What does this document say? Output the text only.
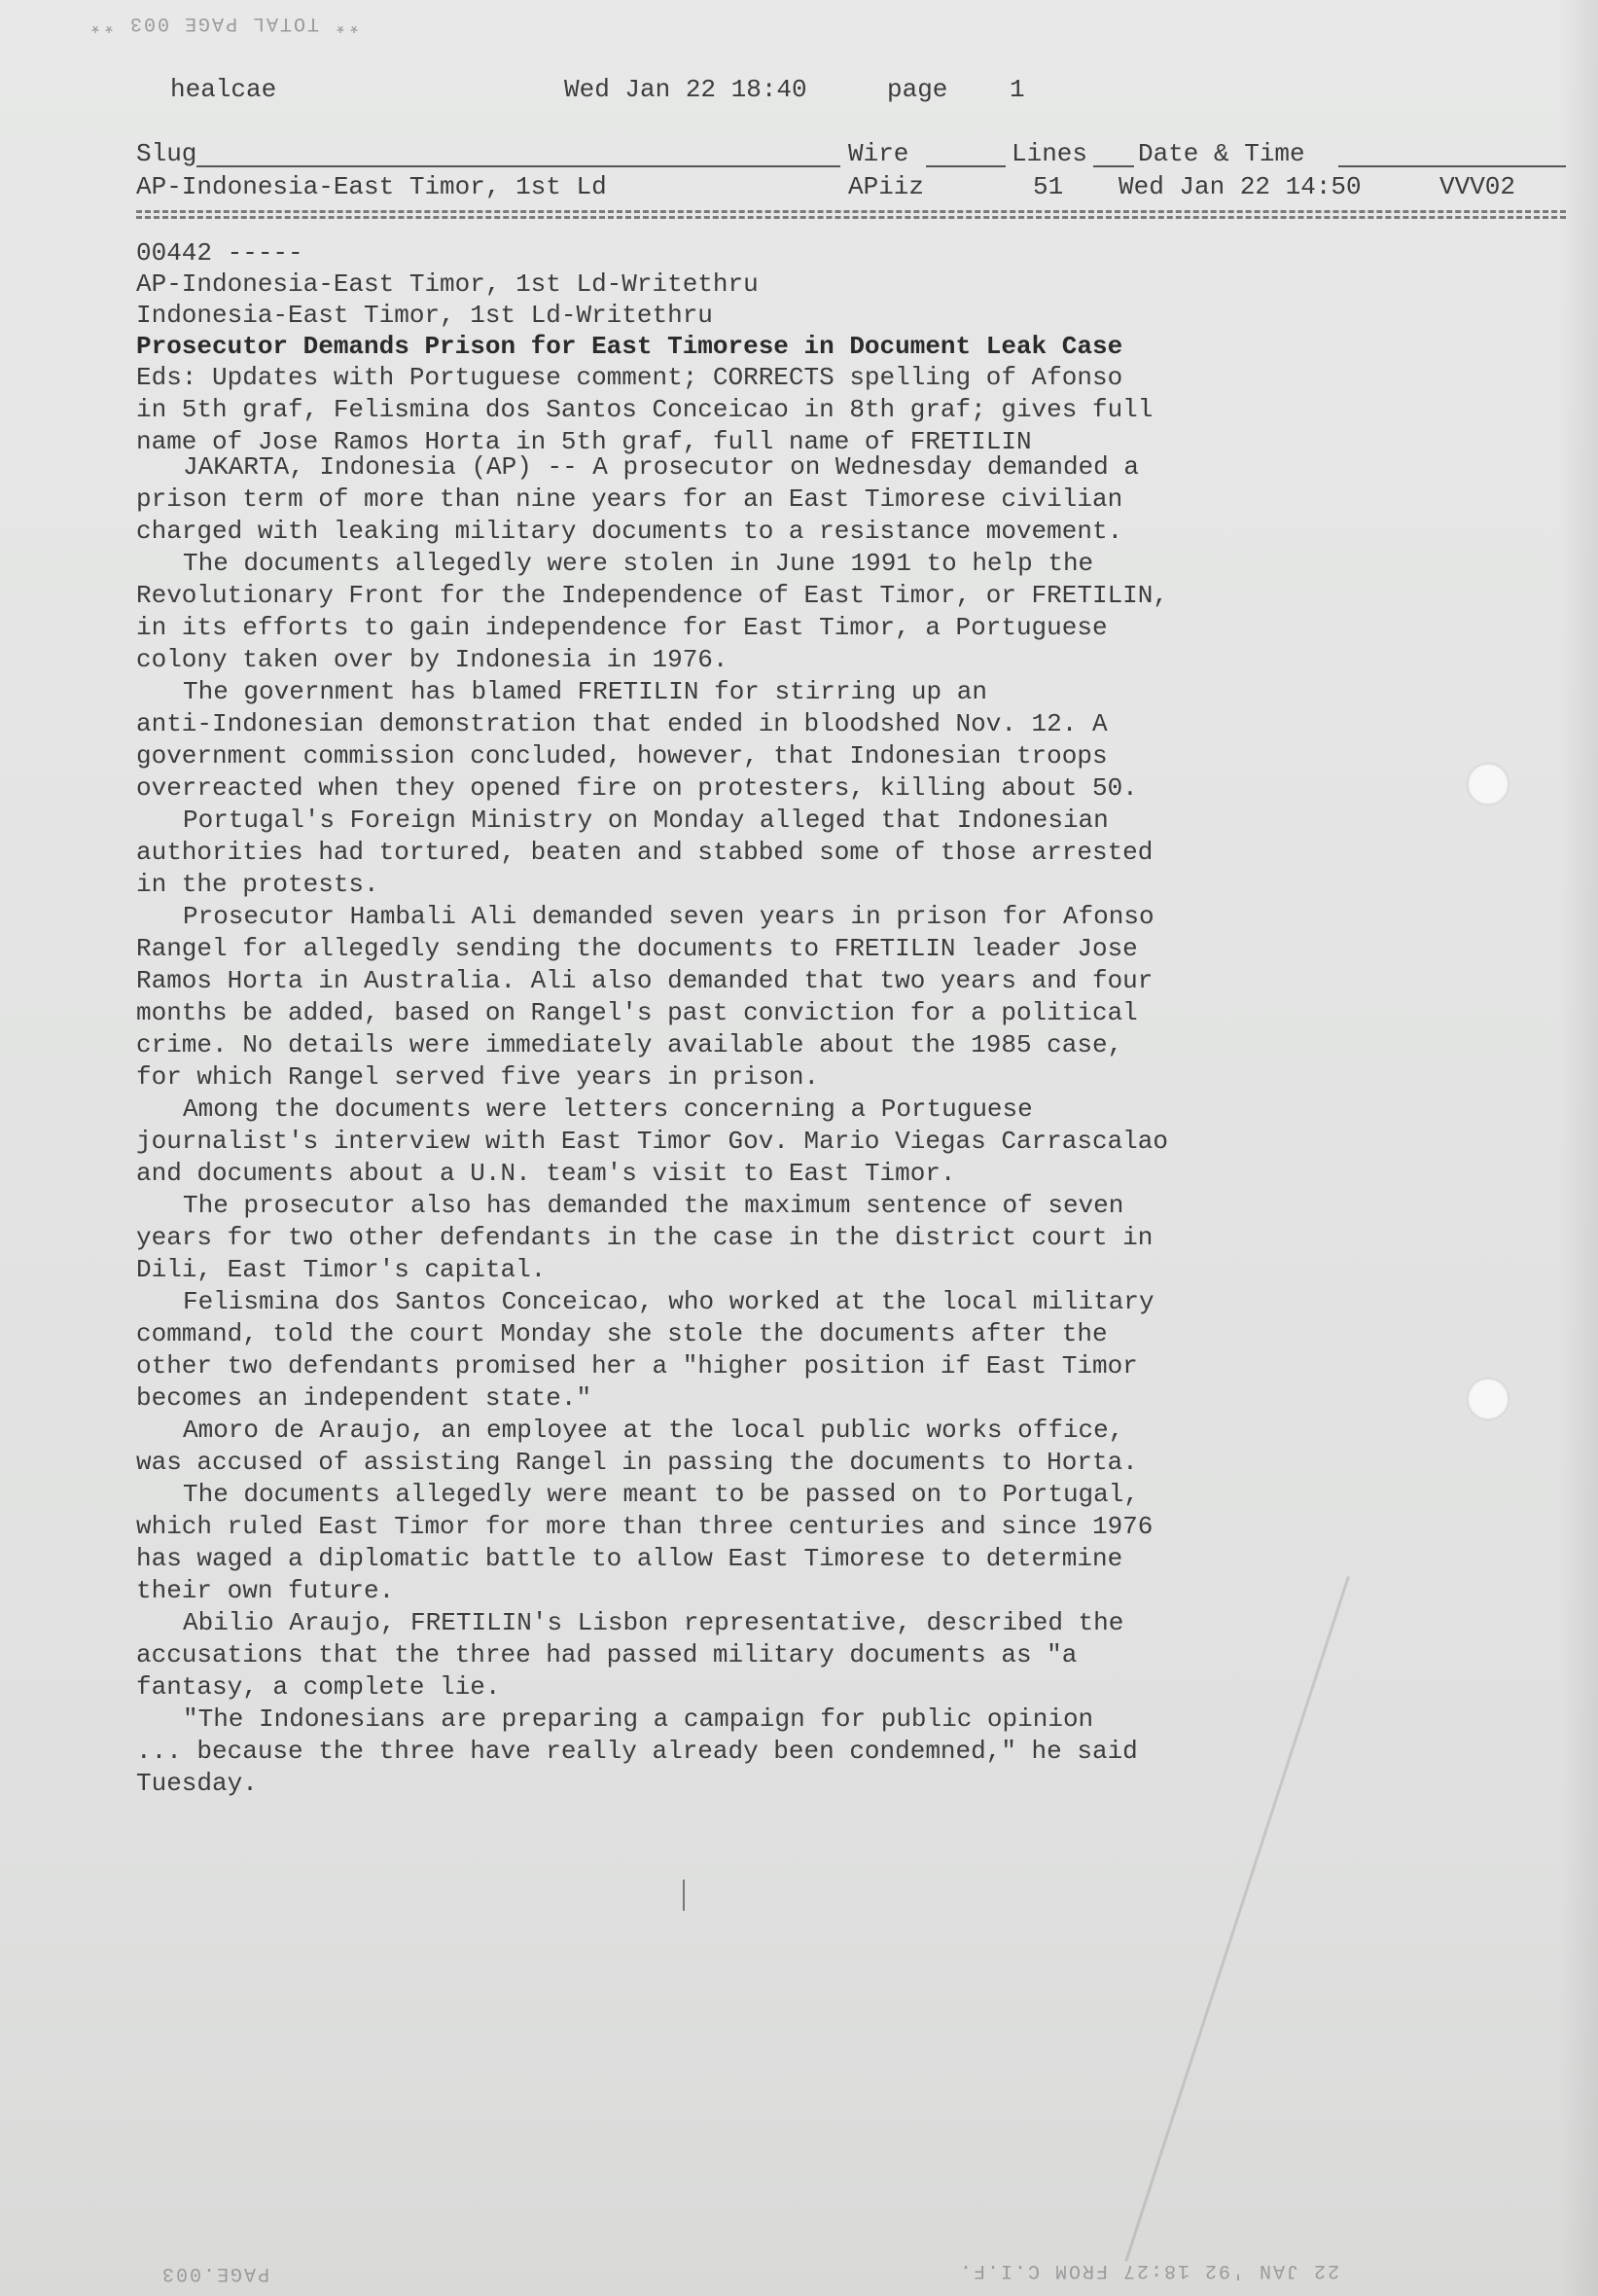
** TOTAL PAGE 003 **
healcae	Wed Jan 22 18:40	page 1
Slug	Wire	Lines Date & Time
AP-Indonesia-East Timor, 1st Ld	APiiz	51 Wed Jan 22 14:50	VVV02
00442 -----
AP-Indonesia-East Timor, 1st Ld-Writethru
Indonesia-East Timor, 1st Ld-Writethru
Prosecutor Demands Prison for East Timorese in Document Leak Case
Eds: Updates with Portuguese comment; CORRECTS spelling of Afonso
in 5th graf, Felismina dos Santos Conceicao in 8th graf; gives full
name of Jose Ramos Horta in 5th graf, full name of FRETILIN

JAKARTA, Indonesia (AP) -- A prosecutor on Wednesday demanded a
prison term of more than nine years for an East Timorese civilian
charged with leaking military documents to a resistance movement.

The documents allegedly were stolen in June 1991 to help the
Revolutionary Front for the Independence of East Timor, or FRETILIN,
in its efforts to gain independence for East Timor, a Portuguese
colony taken over by Indonesia in 1976.

The government has blamed FRETILIN for stirring up an
anti-Indonesian demonstration that ended in bloodshed Nov. 12. A
government commission concluded, however, that Indonesian troops
overreacted when they opened fire on protesters, killing about 50.

Portugal's Foreign Ministry on Monday alleged that Indonesian
authorities had tortured, beaten and stabbed some of those arrested
in the protests.

Prosecutor Hambali Ali demanded seven years in prison for Afonso
Rangel for allegedly sending the documents to FRETILIN leader Jose
Ramos Horta in Australia. Ali also demanded that two years and four
months be added, based on Rangel's past conviction for a political
crime. No details were immediately available about the 1985 case,
for which Rangel served five years in prison.

Among the documents were letters concerning a Portuguese
journalist's interview with East Timor Gov. Mario Viegas Carrascalao
and documents about a U.N. team's visit to East Timor.

The prosecutor also has demanded the maximum sentence of seven
years for two other defendants in the case in the district court in
Dili, East Timor's capital.

Felismina dos Santos Conceicao, who worked at the local military
command, told the court Monday she stole the documents after the
other two defendants promised her a "higher position if East Timor
becomes an independent state."

Amoro de Araujo, an employee at the local public works office,
was accused of assisting Rangel in passing the documents to Horta.

The documents allegedly were meant to be passed on to Portugal,
which ruled East Timor for more than three centuries and since 1976
has waged a diplomatic battle to allow East Timorese to determine
their own future.

Abilio Araujo, FRETILIN's Lisbon representative, described the
accusations that the three had passed military documents as "a
fantasy, a complete lie.

"The Indonesians are preparing a campaign for public opinion
... because the three have really already been condemned," he said
Tuesday.

PAGE.003	22 JAN '92 18:27 FROM C.I.F.
